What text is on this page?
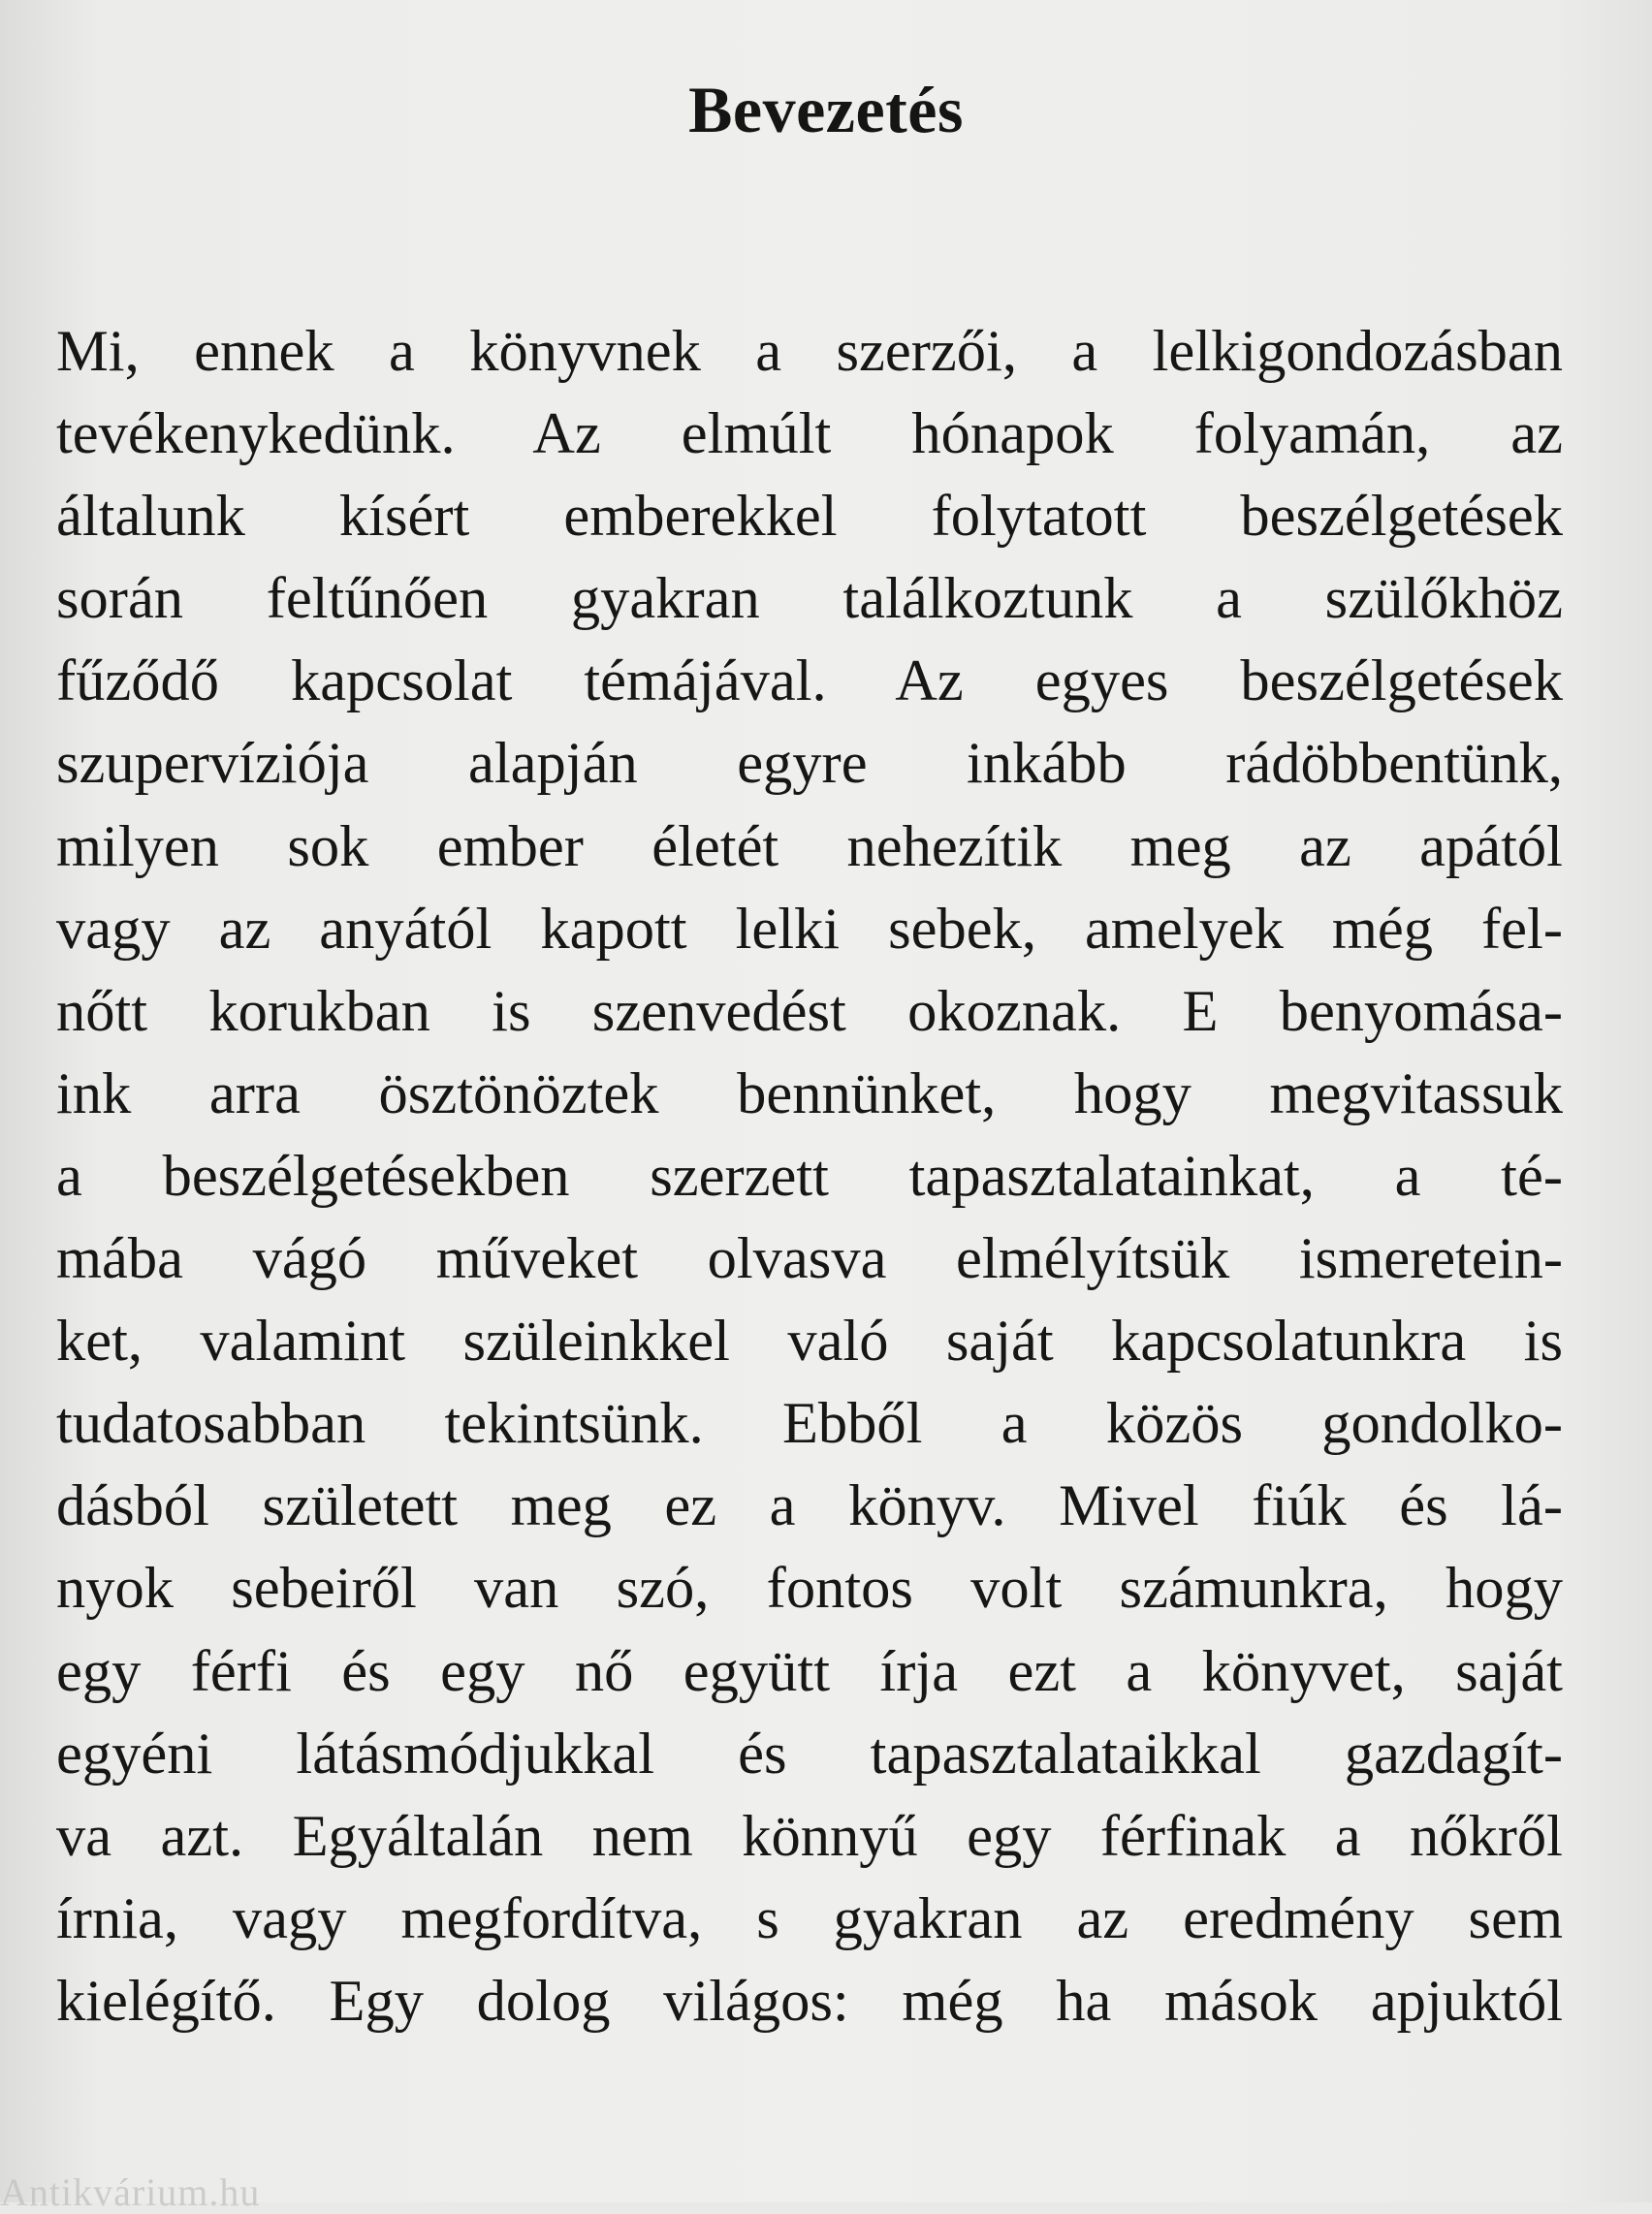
Bevezetés
Mi, ennek a könyvnek a szerzői, a lelkigondozásban
tevékenykedünk. Az elmúlt hónapok folyamán, az
általunk kísért emberekkel folytatott beszélgetések
során feltűnően gyakran találkoztunk a szülőkhöz
fűződő kapcsolat témájával. Az egyes beszélgetések
szupervíziója alapján egyre inkább rádöbbentünk,
milyen sok ember életét nehezítik meg az apától
vagy az anyától kapott lelki sebek, amelyek még fel-
nőtt korukban is szenvedést okoznak. E benyomása-
ink arra ösztönöztek bennünket, hogy megvitassuk
a beszélgetésekben szerzett tapasztalatainkat, a té-
mába vágó műveket olvasva elmélyítsük ismeretein-
ket, valamint szüleinkkel való saját kapcsolatunkra is
tudatosabban tekintsünk. Ebből a közös gondolko-
dásból született meg ez a könyv. Mivel fiúk és lá-
nyok sebeiről van szó, fontos volt számunkra, hogy
egy férfi és egy nő együtt írja ezt a könyvet, saját
egyéni látásmódjukkal és tapasztalataikkal gazdagít-
va azt. Egyáltalán nem könnyű egy férfinak a nőkről
írnia, vagy megfordítva, s gyakran az eredmény sem
kielégítő. Egy dolog világos: még ha mások apjuktól
Antikvárium.hu
